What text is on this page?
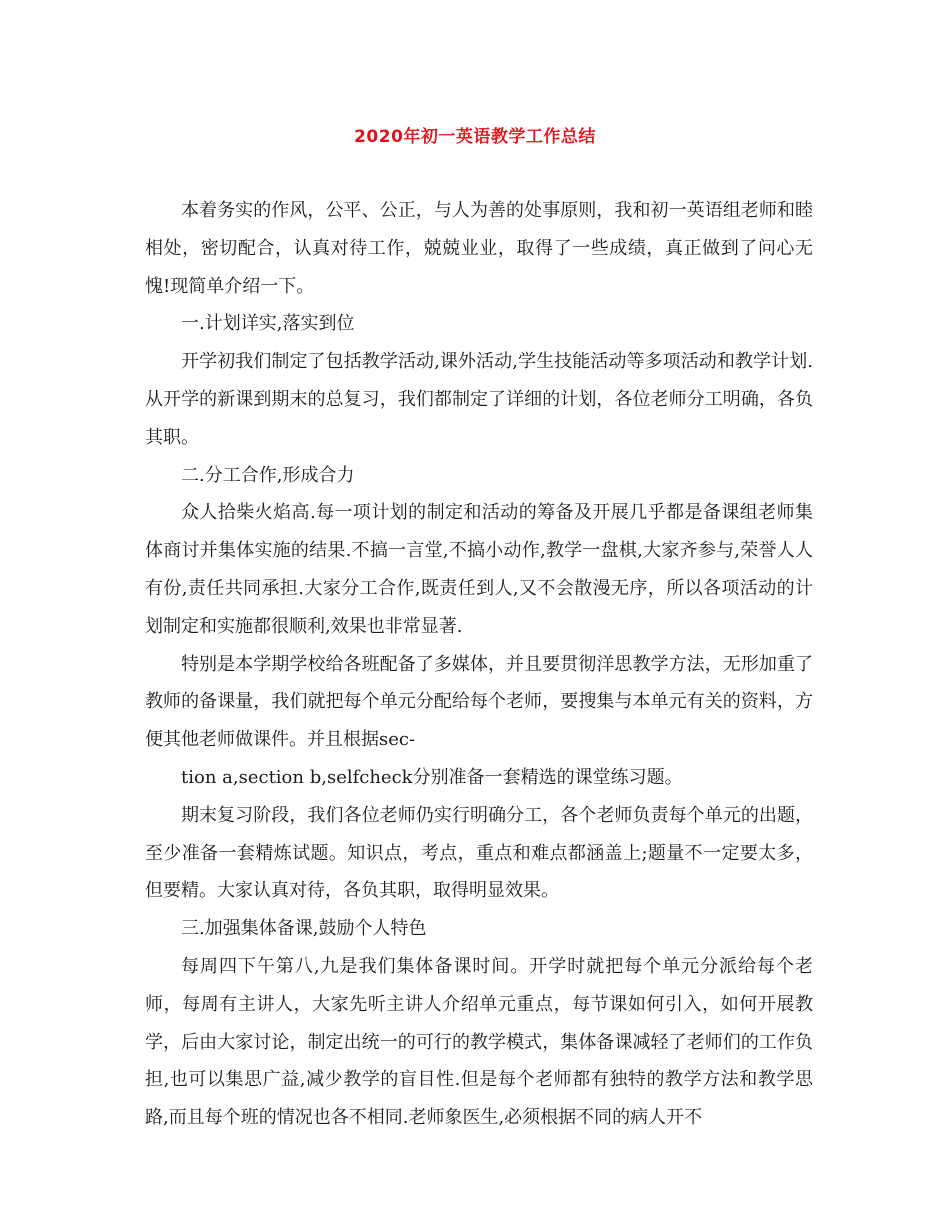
2020年初一英语教学工作总结

本着务实的作风，公平、公正，与人为善的处事原则，我和初一英语组老师和睦相处，密切配合，认真对待工作，兢兢业业，取得了一些成绩，真正做到了问心无愧!现简单介绍一下。

一.计划详实,落实到位

开学初我们制定了包括教学活动,课外活动,学生技能活动等多项活动和教学计划.从开学的新课到期末的总复习，我们都制定了详细的计划，各位老师分工明确，各负其职。

二.分工合作,形成合力

众人拾柴火焰高.每一项计划的制定和活动的筹备及开展几乎都是备课组老师集体商讨并集体实施的结果.不搞一言堂,不搞小动作,教学一盘棋,大家齐参与,荣誉人人有份,责任共同承担.大家分工合作,既责任到人,又不会散漫无序，所以各项活动的计划制定和实施都很顺利,效果也非常显著.

特别是本学期学校给各班配备了多媒体，并且要贯彻洋思教学方法，无形加重了教师的备课量，我们就把每个单元分配给每个老师，要搜集与本单元有关的资料，方便其他老师做课件。并且根据sec-

tion a,section b,selfcheck分别准备一套精选的课堂练习题。

期末复习阶段，我们各位老师仍实行明确分工，各个老师负责每个单元的出题，至少准备一套精炼试题。知识点，考点，重点和难点都涵盖上;题量不一定要太多，但要精。大家认真对待，各负其职，取得明显效果。

三.加强集体备课,鼓励个人特色

每周四下午第八,九是我们集体备课时间。开学时就把每个单元分派给每个老师，每周有主讲人，大家先听主讲人介绍单元重点，每节课如何引入，如何开展教学，后由大家讨论，制定出统一的可行的教学模式，集体备课减轻了老师们的工作负担,也可以集思广益,减少教学的盲目性.但是每个老师都有独特的教学方法和教学思路,而且每个班的情况也各不相同.老师象医生,必须根据不同的病人开不
